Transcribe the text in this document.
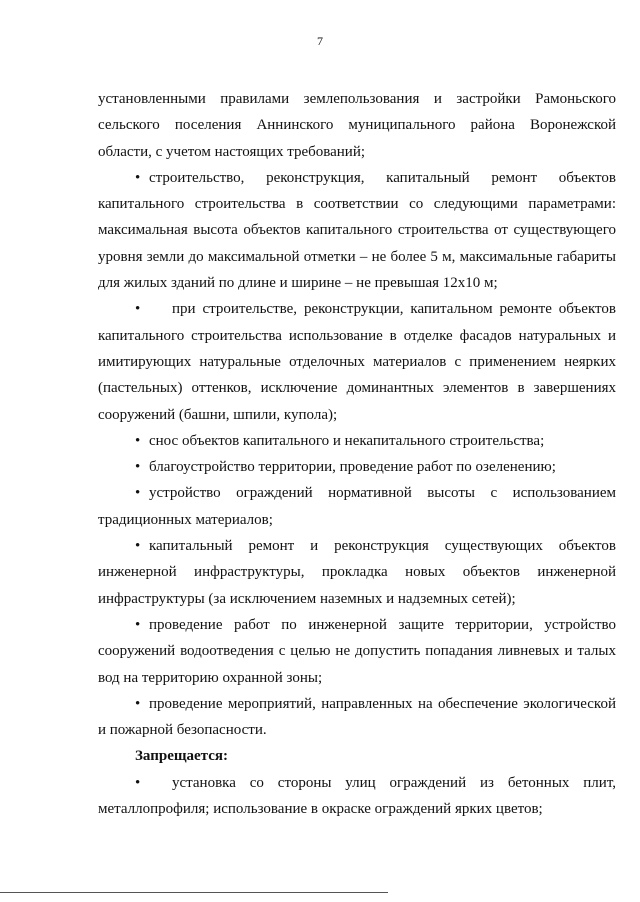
7

установленными правилами землепользования и застройки Рамоньского сельского поселения Аннинского муниципального района Воронежской области, с учетом настоящих требований;

• строительство, реконструкция, капитальный ремонт объектов капитального строительства в соответствии со следующими параметрами: максимальная высота объектов капитального строительства от существующего уровня земли до максимальной отметки – не более 5 м, максимальные габариты для жилых зданий по длине и ширине – не превышая 12х10 м;

• при строительстве, реконструкции, капитальном ремонте объектов капитального строительства использование в отделке фасадов натуральных и имитирующих натуральные отделочных материалов с применением неярких (пастельных) оттенков, исключение доминантных элементов в завершениях сооружений (башни, шпили, купола);

• снос объектов капитального и некапитального строительства;

• благоустройство территории, проведение работ по озеленению;

• устройство ограждений нормативной высоты с использованием традиционных материалов;

• капитальный ремонт и реконструкция существующих объектов инженерной инфраструктуры, прокладка новых объектов инженерной инфраструктуры (за исключением наземных и надземных сетей);

• проведение работ по инженерной защите территории, устройство сооружений водоотведения с целью не допустить попадания ливневых и талых вод на территорию охранной зоны;

• проведение мероприятий, направленных на обеспечение экологической и пожарной безопасности.

Запрещается:

• установка со стороны улиц ограждений из бетонных плит, металлопрофиля; использование в окраске ограждений ярких цветов;
